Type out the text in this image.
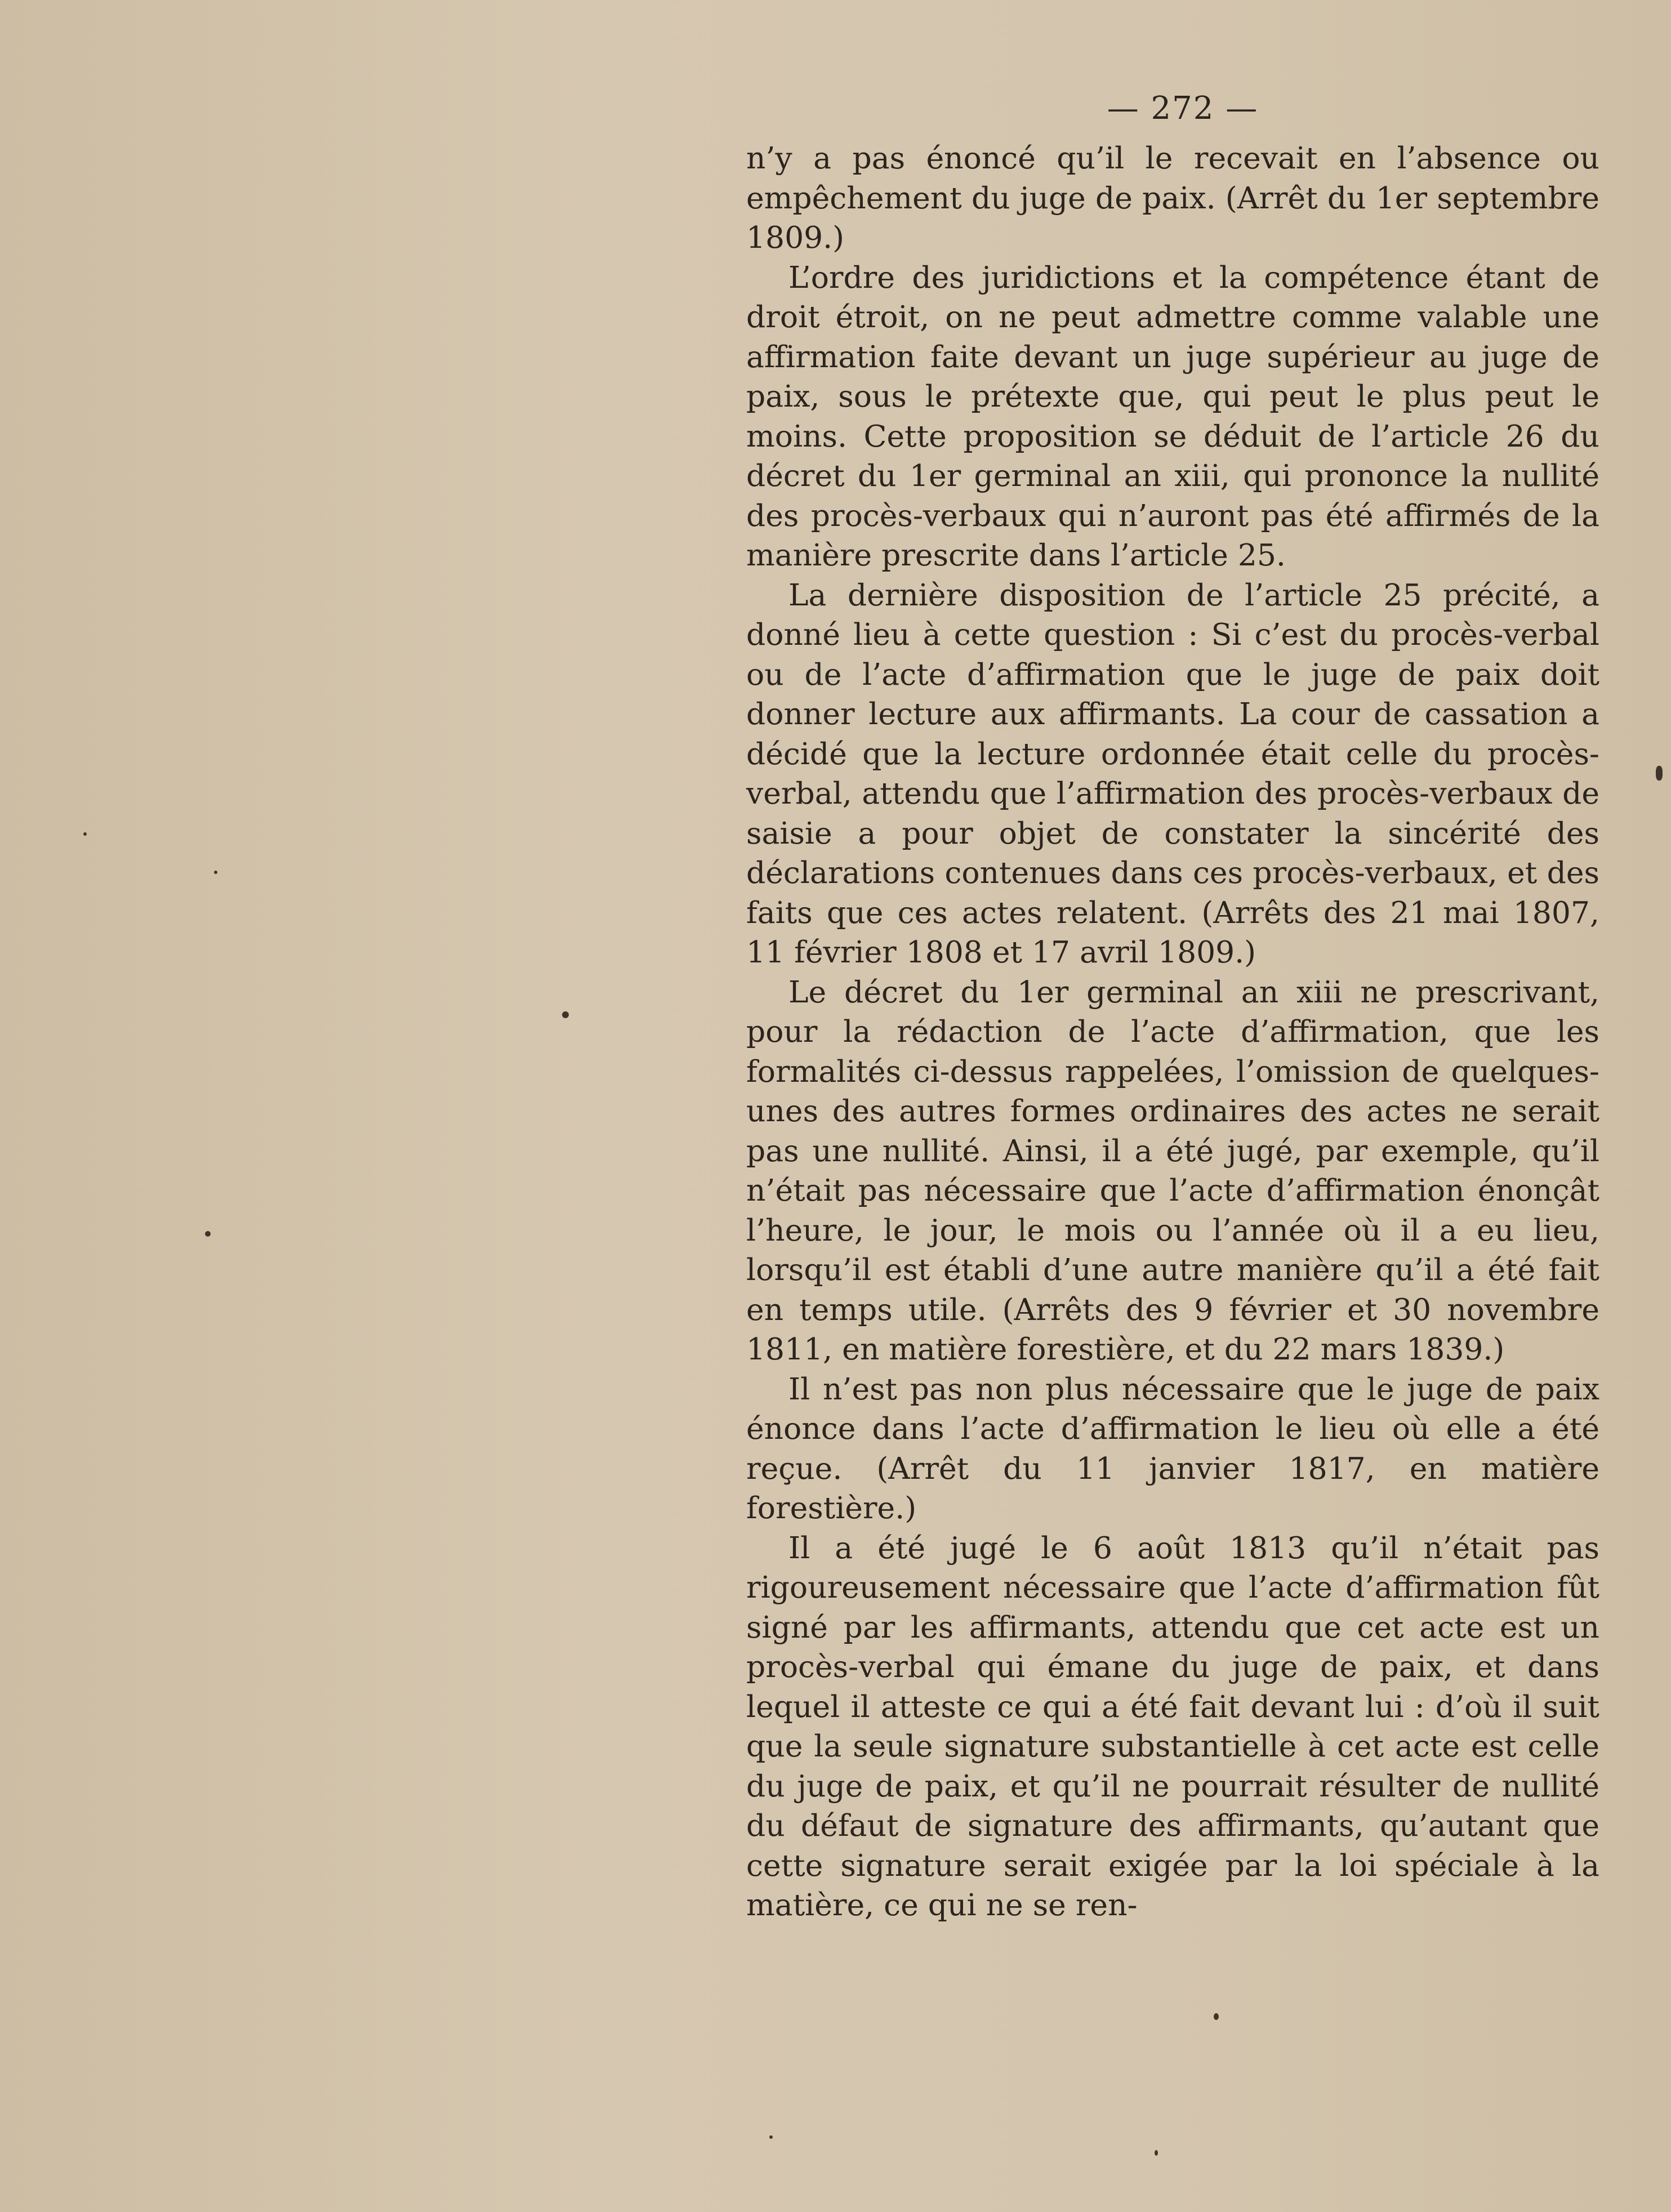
— 272 —

n’y a pas énoncé qu’il le recevait en l’absence ou empêchement du juge de paix. (Arrêt du 1er septembre 1809.)

L’ordre des juridictions et la compétence étant de droit étroit, on ne peut admettre comme valable une affirmation faite devant un juge supérieur au juge de paix, sous le prétexte que, qui peut le plus peut le moins. Cette proposition se déduit de l’article 26 du décret du 1er germinal an xiii, qui prononce la nullité des procès-verbaux qui n’auront pas été affirmés de la manière prescrite dans l’article 25.

La dernière disposition de l’article 25 précité, a donné lieu à cette question : Si c’est du procès-verbal ou de l’acte d’affirmation que le juge de paix doit donner lecture aux affirmants. La cour de cassation a décidé que la lecture ordonnée était celle du procès-verbal, attendu que l’affirmation des procès-verbaux de saisie a pour objet de constater la sincérité des déclarations contenues dans ces procès-verbaux, et des faits que ces actes relatent. (Arrêts des 21 mai 1807, 11 février 1808 et 17 avril 1809.)

Le décret du 1er germinal an xiii ne prescrivant, pour la rédaction de l’acte d’affirmation, que les formalités ci-dessus rappelées, l’omission de quelques-unes des autres formes ordinaires des actes ne serait pas une nullité. Ainsi, il a été jugé, par exemple, qu’il n’était pas nécessaire que l’acte d’affirmation énonçât l’heure, le jour, le mois ou l’année où il a eu lieu, lorsqu’il est établi d’une autre manière qu’il a été fait en temps utile. (Arrêts des 9 février et 30 novembre 1811, en matière forestière, et du 22 mars 1839.)

Il n’est pas non plus nécessaire que le juge de paix énonce dans l’acte d’affirmation le lieu où elle a été reçue. (Arrêt du 11 janvier 1817, en matière forestière.)

Il a été jugé le 6 août 1813 qu’il n’était pas rigoureusement nécessaire que l’acte d’affirmation fût signé par les affirmants, attendu que cet acte est un procès-verbal qui émane du juge de paix, et dans lequel il atteste ce qui a été fait devant lui : d’où il suit que la seule signature substantielle à cet acte est celle du juge de paix, et qu’il ne pourrait résulter de nullité du défaut de signature des affirmants, qu’autant que cette signature serait exigée par la loi spéciale à la matière, ce qui ne se ren-
